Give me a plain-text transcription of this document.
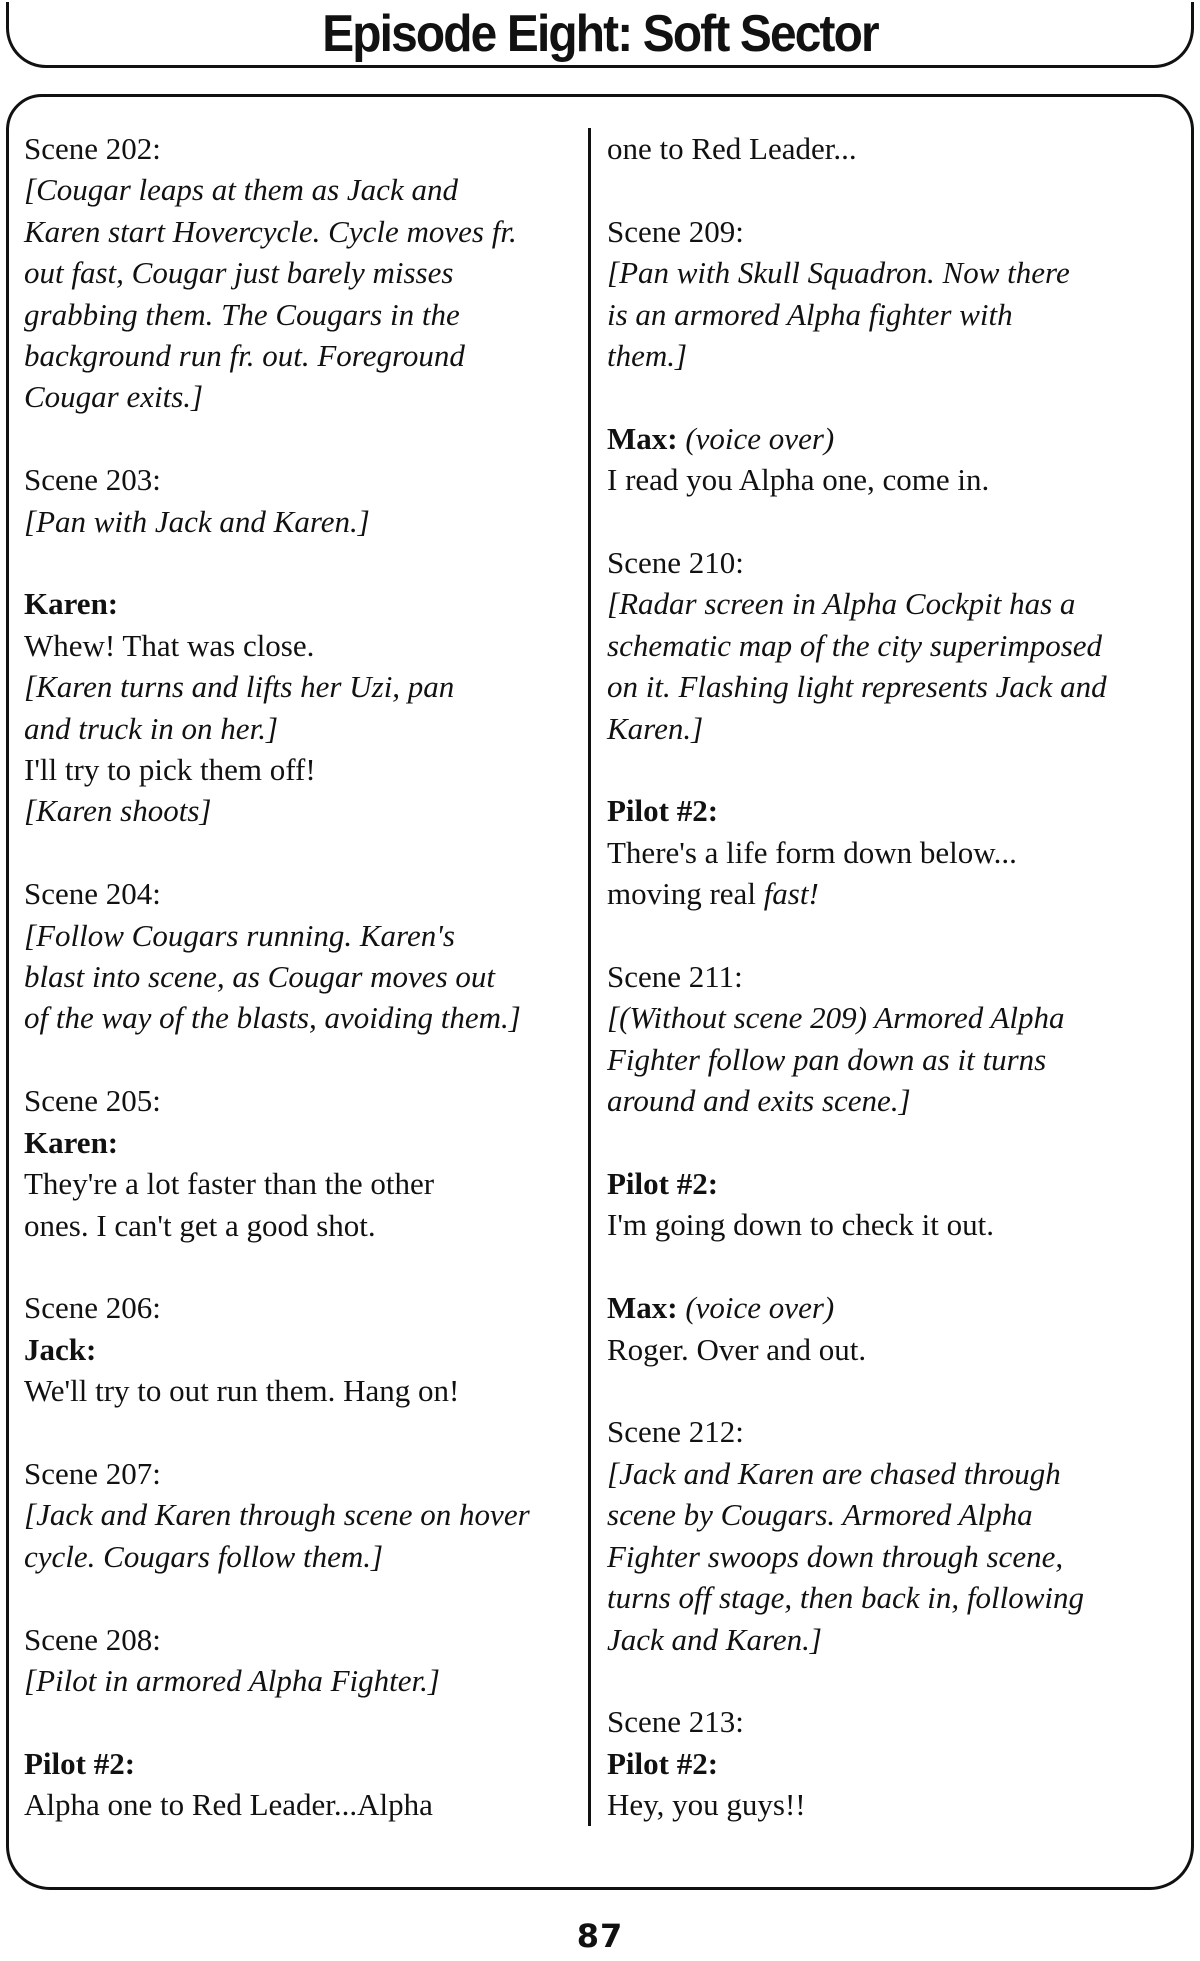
Episode Eight: Soft Sector
Scene 202:
[Cougar leaps at them as Jack and
Karen start Hovercycle. Cycle moves fr.
out fast, Cougar just barely misses
grabbing them. The Cougars in the
background run fr. out. Foreground
Cougar exits.]
Scene 203:
[Pan with Jack and Karen.]
Karen:
Whew! That was close.
[Karen turns and lifts her Uzi, pan
and truck in on her.]
I'll try to pick them off!
[Karen shoots]
Scene 204:
[Follow Cougars running. Karen's
blast into scene, as Cougar moves out
of the way of the blasts, avoiding them.]
Scene 205:
Karen:
They're a lot faster than the other
ones. I can't get a good shot.
Scene 206:
Jack:
We'll try to out run them. Hang on!
Scene 207:
[Jack and Karen through scene on hover
cycle. Cougars follow them.]
Scene 208:
[Pilot in armored Alpha Fighter.]
Pilot #2:
Alpha one to Red Leader...Alpha
one to Red Leader...
Scene 209:
[Pan with Skull Squadron. Now there
is an armored Alpha fighter with
them.]
Max: (voice over)
I read you Alpha one, come in.
Scene 210:
[Radar screen in Alpha Cockpit has a
schematic map of the city superimposed
on it. Flashing light represents Jack and
Karen.]
Pilot #2:
There's a life form down below...
moving real fast!
Scene 211:
[(Without scene 209) Armored Alpha
Fighter follow pan down as it turns
around and exits scene.]
Pilot #2:
I'm going down to check it out.
Max: (voice over)
Roger. Over and out.
Scene 212:
[Jack and Karen are chased through
scene by Cougars. Armored Alpha
Fighter swoops down through scene,
turns off stage, then back in, following
Jack and Karen.]
Scene 213:
Pilot #2:
Hey, you guys!!
87
